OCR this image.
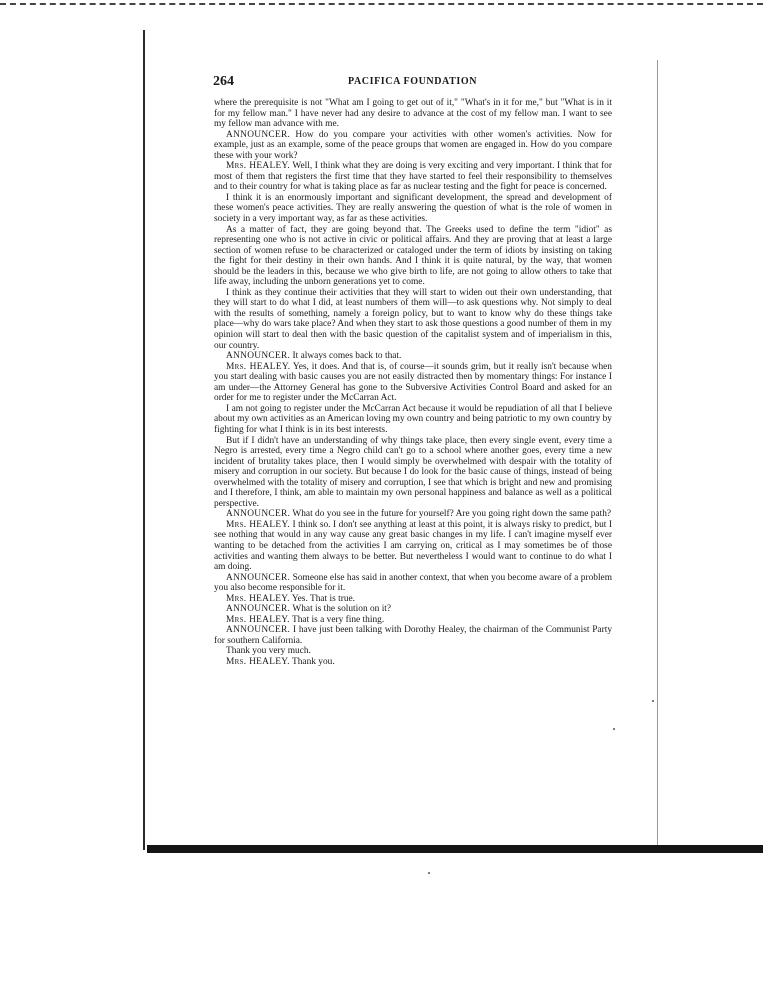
264	PACIFICA FOUNDATION

where the prerequisite is not "What am I going to get out of it," "What's in it for me," but "What is in it for my fellow man." I have never had any desire to advance at the cost of my fellow man. I want to see my fellow man advance with me.

ANNOUNCER. How do you compare your activities with other women's activities. Now for example, just as an example, some of the peace groups that women are engaged in. How do you compare these with your work?

Mrs. HEALEY. Well, I think what they are doing is very exciting and very important. I think that for most of them that registers the first time that they have started to feel their responsibility to themselves and to their country for what is taking place as far as nuclear testing and the fight for peace is concerned.

I think it is an enormously important and significant development, the spread and development of these women's peace activities. They are really answering the question of what is the role of women in society in a very important way, as far as these activities.

As a matter of fact, they are going beyond that. The Greeks used to define the term "idiot" as representing one who is not active in civic or political affairs. And they are proving that at least a large section of women refuse to be characterized or cataloged under the term of idiots by insisting on taking the fight for their destiny in their own hands. And I think it is quite natural, by the way, that women should be the leaders in this, because we who give birth to life, are not going to allow others to take that life away, including the unborn generations yet to come.

I think as they continue their activities that they will start to widen out their own understanding, that they will start to do what I did, at least numbers of them will—to ask questions why. Not simply to deal with the results of something, namely a foreign policy, but to want to know why do these things take place—why do wars take place? And when they start to ask those questions a good number of them in my opinion will start to deal then with the basic question of the capitalist system and of imperialism in this, our country.

ANNOUNCER. It always comes back to that.

Mrs. HEALEY. Yes, it does. And that is, of course—it sounds grim, but it really isn't because when you start dealing with basic causes you are not easily distracted then by momentary things: For instance I am under—the Attorney General has gone to the Subversive Activities Control Board and asked for an order for me to register under the McCarran Act.

I am not going to register under the McCarran Act because it would be repudiation of all that I believe about my own activities as an American loving my own country and being patriotic to my own country by fighting for what I think is in its best interests.

But if I didn't have an understanding of why things take place, then every single event, every time a Negro is arrested, every time a Negro child can't go to a school where another goes, every time a new incident of brutality takes place, then I would simply be overwhelmed with despair with the totality of misery and corruption in our society. But because I do look for the basic cause of things, instead of being overwhelmed with the totality of misery and corruption, I see that which is bright and new and promising and I therefore, I think, am able to maintain my own personal happiness and balance as well as a political perspective.

ANNOUNCER. What do you see in the future for yourself? Are you going right down the same path?

Mrs. HEALEY. I think so. I don't see anything at least at this point, it is always risky to predict, but I see nothing that would in any way cause any great basic changes in my life. I can't imagine myself ever wanting to be detached from the activities I am carrying on, critical as I may sometimes be of those activities and wanting them always to be better. But nevertheless I would want to continue to do what I am doing.

ANNOUNCER. Someone else has said in another context, that when you become aware of a problem you also become responsible for it.

Mrs. HEALEY. Yes. That is true.

ANNOUNCER. What is the solution on it?

Mrs. HEALEY. That is a very fine thing.

ANNOUNCER. I have just been talking with Dorothy Healey, the chairman of the Communist Party for southern California.

Thank you very much.

Mrs. HEALEY. Thank you.
